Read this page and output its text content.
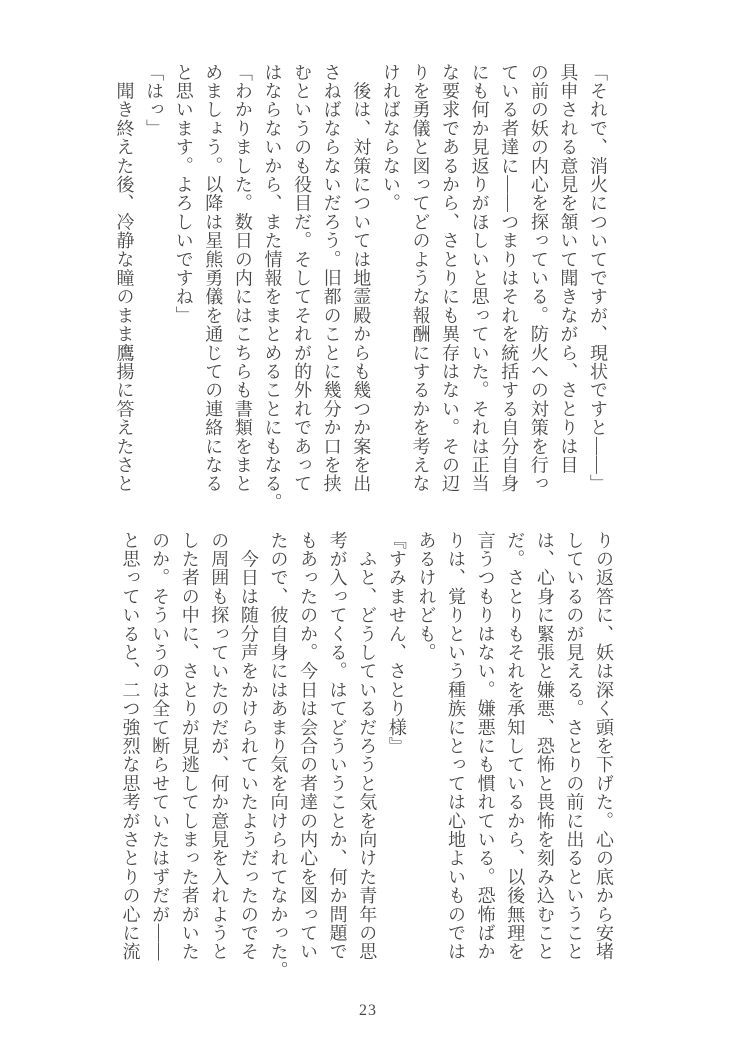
「それで、消火についてですが、現状ですと――」

具申される意見を頷いて聞きながら、さとりは目

の前の妖の内心を探っている。防火への対策を行っ

ている者達に――つまりはそれを統括する自分自身

にも何か見返りがほしいと思っていた。それは正当

な要求であるから、さとりにも異存はない。その辺

りを勇儀と図ってどのような報酬にするかを考えな

ければならない。

　後は、対策については地霊殿からも幾つか案を出

さねばならないだろう。旧都のことに幾分か口を挟

むというのも役目だ。そしてそれが的外れであって

はならないから、また情報をまとめることにもなる。

「わかりました。数日の内にはこちらも書類をまと

めましょう。以降は星熊勇儀を通じての連絡になる

と思います。よろしいですね」

「はっ」

　聞き終えた後、冷静な瞳のまま鷹揚に答えたさと

りの返答に、妖は深く頭を下げた。心の底から安堵

しているのが見える。さとりの前に出るということ

は、心身に緊張と嫌悪、恐怖と畏怖を刻み込むこと

だ。さとりもそれを承知しているから、以後無理を

言うつもりはない。嫌悪にも慣れている。恐怖ばか

りは、覚りという種族にとっては心地よいものでは

あるけれども。

『すみません、さとり様』

　ふと、どうしているだろうと気を向けた青年の思

考が入ってくる。はてどういうことか、何か問題で

もあったのか。今日は会合の者達の内心を図ってい

たので、彼自身にはあまり気を向けられてなかった。

　今日は随分声をかけられていたようだったのでそ

の周囲も探っていたのだが、何か意見を入れようと

した者の中に、さとりが見逃してしまった者がいた

のか。そういうのは全て断らせていたはずだが――

と思っていると、二つ強烈な思考がさとりの心に流

23
